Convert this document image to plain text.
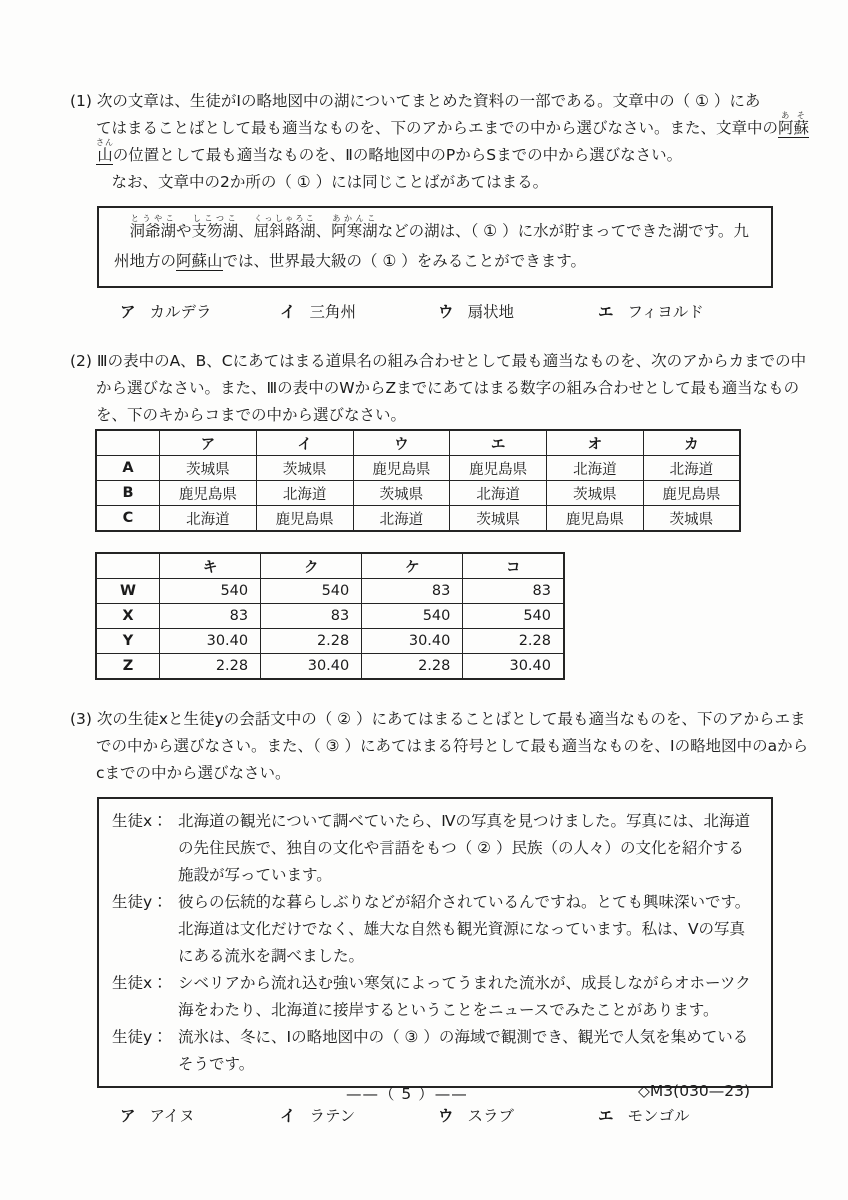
(1) 次の文章は、生徒がⅠの略地図中の湖についてまとめた資料の一部である。文章中の（ ① ）にあ
てはまることばとして最も適当なものを、下のアからエまでの中から選びなさい。また、文章中の阿蘇あそ
山さんの位置として最も適当なものを、Ⅱの略地図中のPからSまでの中から選びなさい。
　なお、文章中の2か所の（ ① ）には同じことばがあてはまる。

　洞爺湖とうやこや支笏湖しこつこ、屈斜路湖くっしゃろこ、阿寒湖あかんこなどの湖は、（ ① ）に水が貯まってできた湖です。九
州地方の阿蘇山では、世界最大級の（ ① ）をみることができます。
ア カルデラ	イ 三角州	ウ 扇状地	エ フィヨルド

(2) Ⅲの表中のA、B、Cにあてはまる道県名の組み合わせとして最も適当なものを、次のアからカまでの中から選びなさい。また、Ⅲの表中のWからZまでにあてはまる数字の組み合わせとして最も適当なものを、下のキからコまでの中から選びなさい。

	ア	イ	ウ	エ	オ	カ
A	茨城県	茨城県	鹿児島県	鹿児島県	北海道	北海道
B	鹿児島県	北海道	茨城県	北海道	茨城県	鹿児島県
C	北海道	鹿児島県	北海道	茨城県	鹿児島県	茨城県
	キ	ク	ケ	コ
W	540	540	83	83
X	83	83	540	540
Y	30.40	2.28	30.40	2.28
Z	2.28	30.40	2.28	30.40

(3) 次の生徒xと生徒yの会話文中の（ ② ）にあてはまることばとして最も適当なものを、下のアからエまでの中から選びなさい。また、（ ③ ）にあてはまる符号として最も適当なものを、Ⅰの略地図中のaからcまでの中から選びなさい。

生徒x： 北海道の観光について調べていたら、Ⅳの写真を見つけました。写真には、北海道の先住民族で、独自の文化や言語をもつ（ ② ）民族（の人々）の文化を紹介する施設が写っています。
生徒y： 彼らの伝統的な暮らしぶりなどが紹介されているんですね。とても興味深いです。北海道は文化だけでなく、雄大な自然も観光資源になっています。私は、Ⅴの写真にある流氷を調べました。
生徒x： シベリアから流れ込む強い寒気によってうまれた流氷が、成長しながらオホーツク海をわたり、北海道に接岸するということをニュースでみたことがあります。
生徒y： 流氷は、冬に、Ⅰの略地図中の（ ③ ）の海域で観測でき、観光で人気を集めているそうです。
ア アイヌ	イ ラテン	ウ スラブ	エ モンゴル
——（ 5 ）——	◇M3(030—23)
